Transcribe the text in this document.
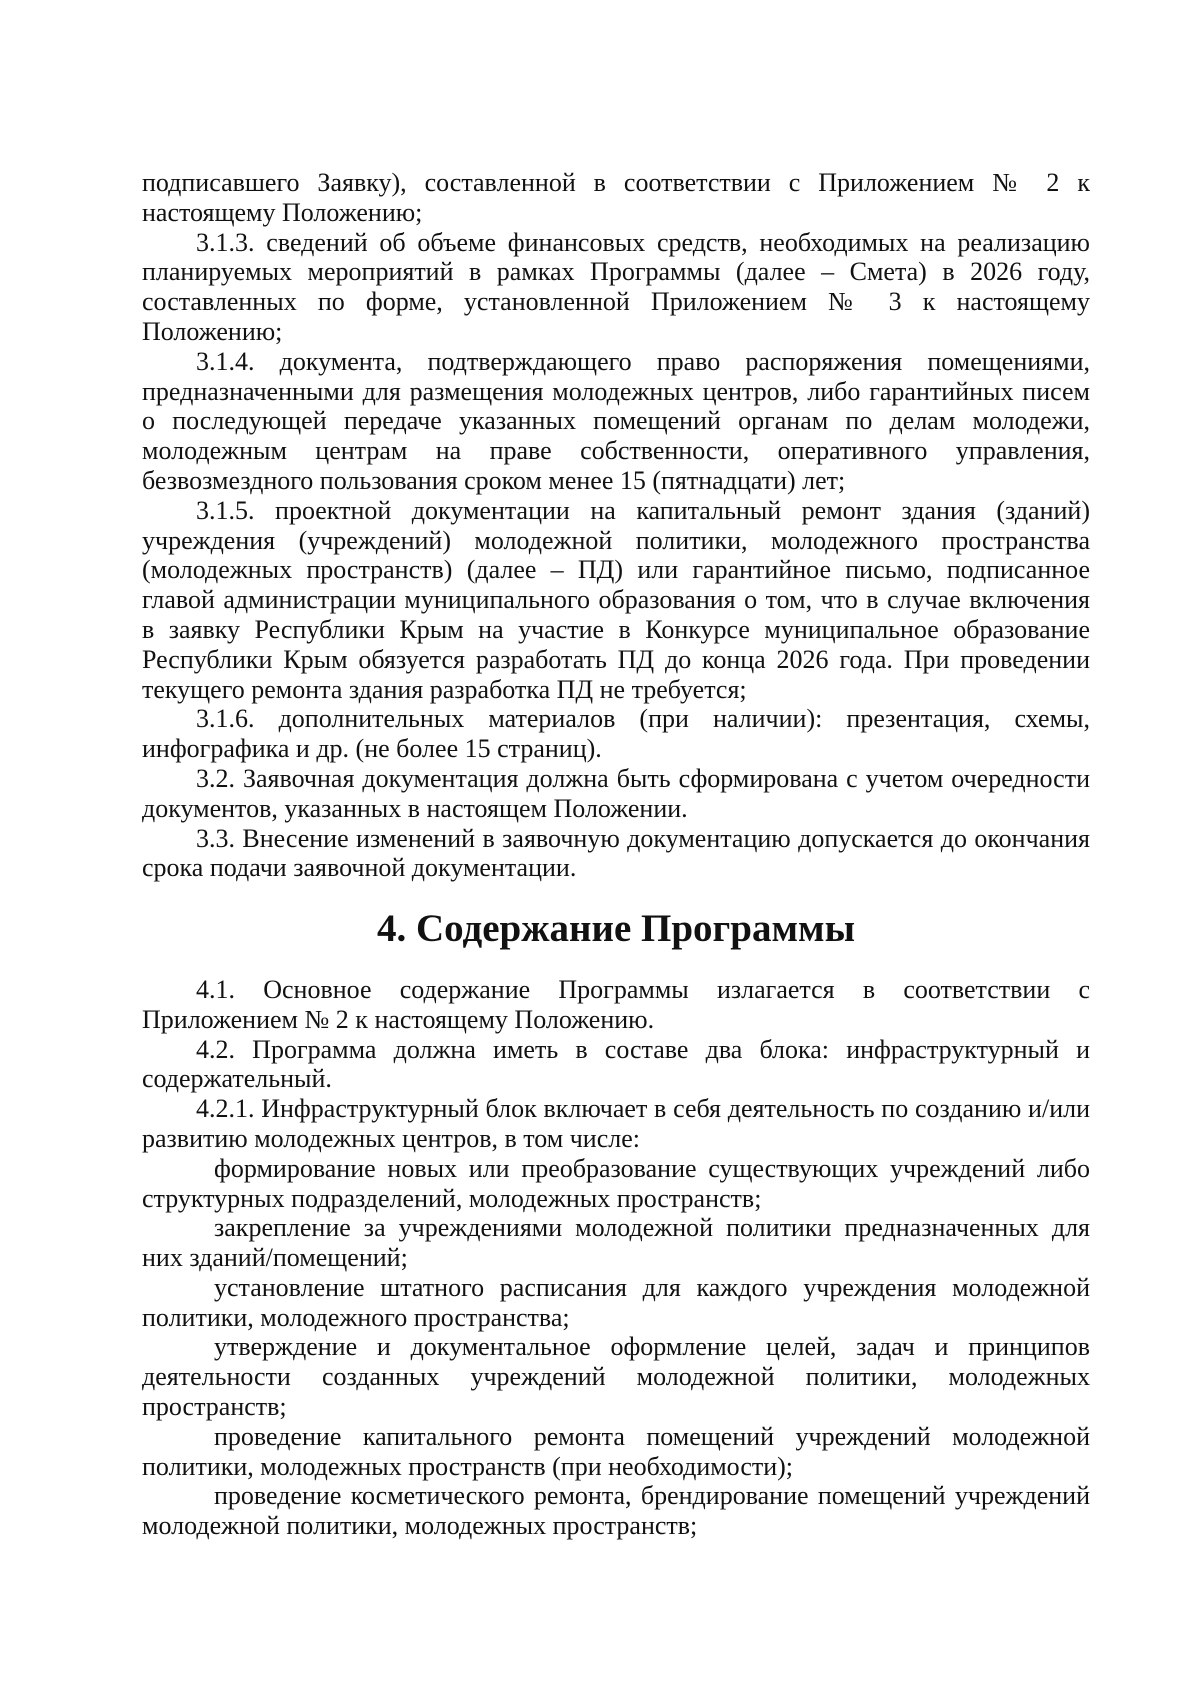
подписавшего Заявку), составленной в соответствии с Приложением № 2 к настоящему Положению;

3.1.3. сведений об объеме финансовых средств, необходимых на реализацию планируемых мероприятий в рамках Программы (далее – Смета) в 2026 году, составленных по форме, установленной Приложением № 3 к настоящему Положению;

3.1.4. документа, подтверждающего право распоряжения помещениями, предназначенными для размещения молодежных центров, либо гарантийных писем о последующей передаче указанных помещений органам по делам молодежи, молодежным центрам на праве собственности, оперативного управления, безвозмездного пользования сроком менее 15 (пятнадцати) лет;

3.1.5. проектной документации на капитальный ремонт здания (зданий) учреждения (учреждений) молодежной политики, молодежного пространства (молодежных пространств) (далее – ПД) или гарантийное письмо, подписанное главой администрации муниципального образования о том, что в случае включения в заявку Республики Крым на участие в Конкурсе муниципальное образование Республики Крым обязуется разработать ПД до конца 2026 года. При проведении текущего ремонта здания разработка ПД не требуется;

3.1.6. дополнительных материалов (при наличии): презентация, схемы, инфографика и др. (не более 15 страниц).

3.2. Заявочная документация должна быть сформирована с учетом очередности документов, указанных в настоящем Положении.

3.3. Внесение изменений в заявочную документацию допускается до окончания срока подачи заявочной документации.

4. Содержание Программы

4.1. Основное содержание Программы излагается в соответствии с Приложением № 2 к настоящему Положению.

4.2. Программа должна иметь в составе два блока: инфраструктурный и содержательный.

4.2.1. Инфраструктурный блок включает в себя деятельность по созданию и/или развитию молодежных центров, в том числе:

формирование новых или преобразование существующих учреждений либо структурных подразделений, молодежных пространств;

закрепление за учреждениями молодежной политики предназначенных для них зданий/помещений;

установление штатного расписания для каждого учреждения молодежной политики, молодежного пространства;

утверждение и документальное оформление целей, задач и принципов деятельности созданных учреждений молодежной политики, молодежных пространств;

проведение капитального ремонта помещений учреждений молодежной политики, молодежных пространств (при необходимости);

проведение косметического ремонта, брендирование помещений учреждений молодежной политики, молодежных пространств;
